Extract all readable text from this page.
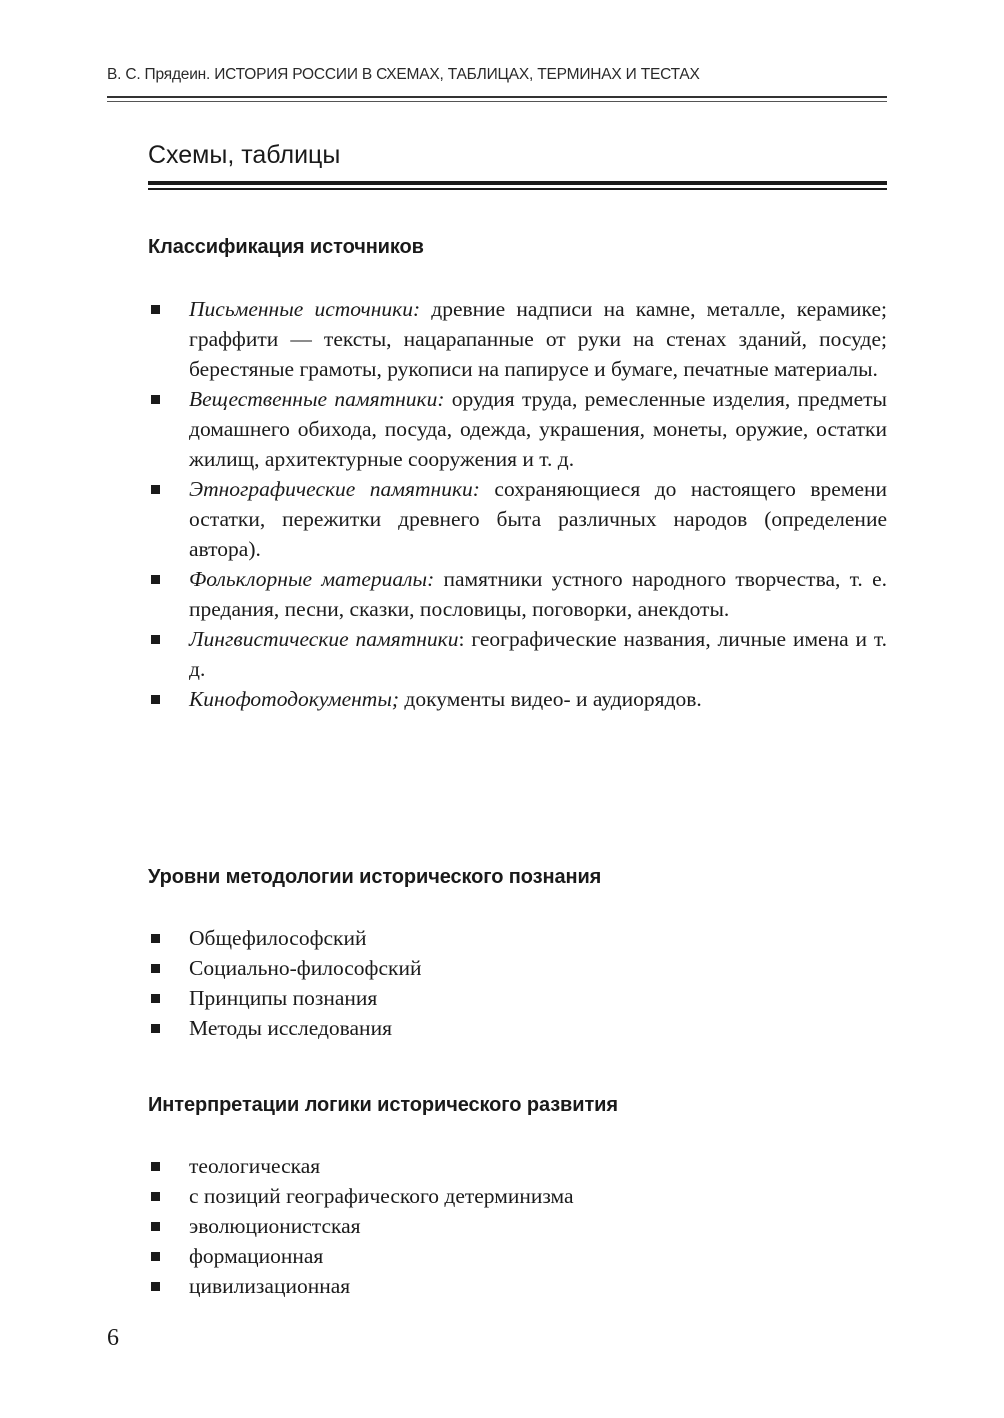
В. С. Прядеин. ИСТОРИЯ РОССИИ В СХЕМАХ, ТАБЛИЦАХ, ТЕРМИНАХ И ТЕСТАХ
Схемы, таблицы
Классификация источников
Письменные источники: древние надписи на камне, металле, керамике; граффити — тексты, нацарапанные от руки на стенах зданий, посуде; берестяные грамоты, рукописи на папирусе и бумаге, печатные материалы.
Вещественные памятники: орудия труда, ремесленные изделия, предметы домашнего обихода, посуда, одежда, украшения, монеты, оружие, остатки жилищ, архитектурные сооружения и т. д.
Этнографические памятники: сохраняющиеся до настоящего времени остатки, пережитки древнего быта различных народов (определение автора).
Фольклорные материалы: памятники устного народного творчества, т. е. предания, песни, сказки, пословицы, поговорки, анекдоты.
Лингвистические памятники: географические названия, личные имена и т. д.
Кинофотодокументы; документы видео- и аудиорядов.
Уровни методологии исторического познания
Общефилософский
Социально-философский
Принципы познания
Методы исследования
Интерпретации логики исторического развития
теологическая
с позиций географического детерминизма
эволюционистская
формационная
цивилизационная
6
